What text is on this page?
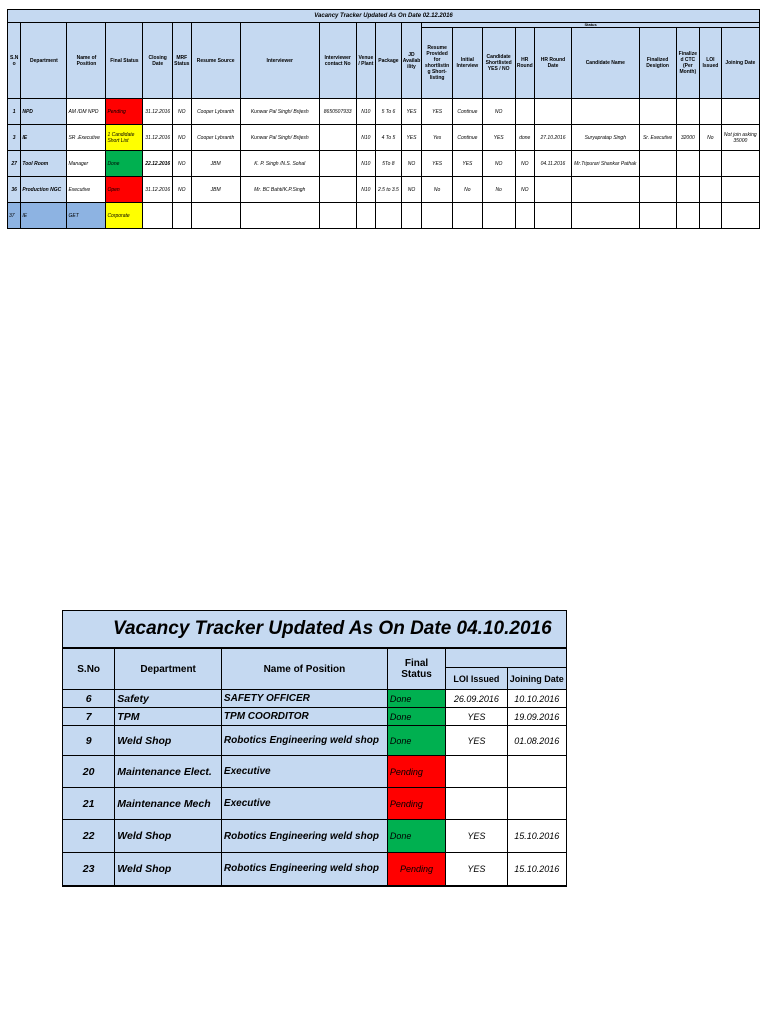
Vacancy Tracker Updated As On Date 02.12.2016																					
S.N o	Department	Name of Position	Final Status	Closing Date	MRF Status	Resume Source	Interviewer	Interviewer contact No	Venue / Plant	Package	JD Availab ility	Status									
												Resume Provided for shortlistin g Short-listing	Initial Interview	Candidate Shortlisted YES / NO	HR Round	HR Round Date	Candidate Name	Finalized Desigtion	Finalize d CTC (Per Month)	LOI Issued	Joining Date
1	NPD	AM /DM NPD	Pending	31.12.2016	NO	Cooper Lybranth	Kunwar Pal Singh/ Brijesh	8650507933	N10	5 To 6	YES	YES	Continue	NO							
3	IE	SR .Executive	1 Candidate Short List	31.12.2016	NO	Cooper Lybranth	Kunwar Pal Singh/ Brijesh		N10	4 To 5	YES	Yes	Continue	YES	done	27.10.2016	Suryapratap Singh	Sr. Executive	32000	No	Not join asking 35000
27	Tool Room	Manager	Done	22.12.2016	NO	JBM	K. P. Singh /N.S. Sohal		N10	5To 8	NO	YES	YES	NO	NO	04.11.2016	Mr.Tripurari Shankar Pathak				
36	Production NGC	Executive	Open	31.12.2016	NO	JBM	Mr. BC Bahti/K.P.Singh		N10	2.5 to 3.5	NO	No	No	No	NO						
37	IE	GET	Corporate																		
Vacancy Tracker Updated As On Date 04.10.2016					
S.No	Department	Name of Position	Final Status		
				LOI Issued	Joining Date
6	Safety	SAFETY OFFICER	Done	26.09.2016	10.10.2016
7	TPM	TPM COORDITOR	Done	YES	19.09.2016
9	Weld Shop	Robotics Engineering weld shop	Done	YES	01.08.2016
20	Maintenance Elect.	Executive	Pending		
21	Maintenance Mech	Executive	Pending		
22	Weld Shop	Robotics Engineering weld shop	Done	YES	15.10.2016
23	Weld Shop	Robotics Engineering weld shop	Pending	YES	15.10.2016
